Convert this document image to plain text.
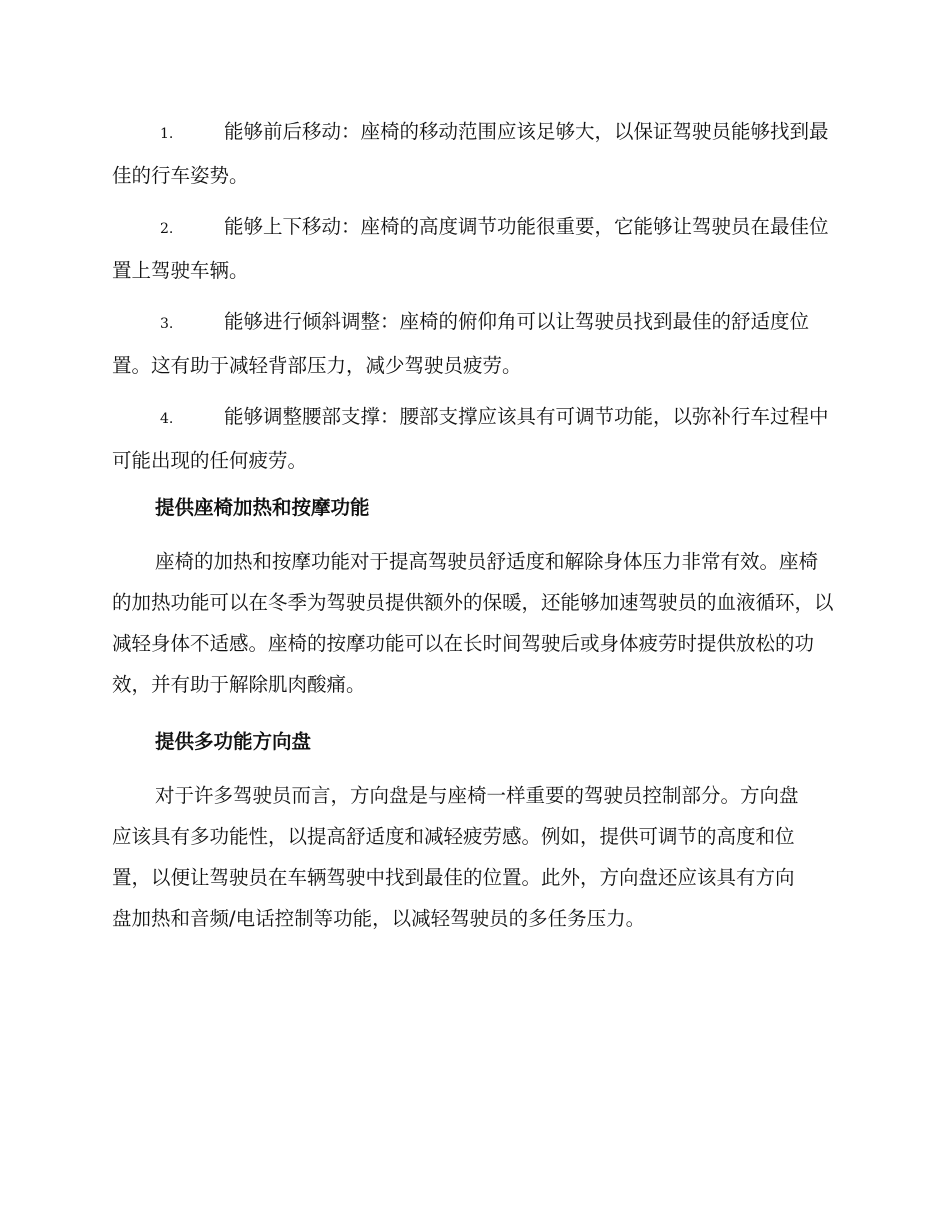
1.	能够前后移动：座椅的移动范围应该足够大，以保证驾驶员能够找到最佳的行车姿势。

2.	能够上下移动：座椅的高度调节功能很重要，它能够让驾驶员在最佳位置上驾驶车辆。

3.	能够进行倾斜调整：座椅的俯仰角可以让驾驶员找到最佳的舒适度位置。这有助于减轻背部压力，减少驾驶员疲劳。

4.	能够调整腰部支撑：腰部支撑应该具有可调节功能，以弥补行车过程中可能出现的任何疲劳。

提供座椅加热和按摩功能

座椅的加热和按摩功能对于提高驾驶员舒适度和解除身体压力非常有效。座椅的加热功能可以在冬季为驾驶员提供额外的保暖，还能够加速驾驶员的血液循环，以减轻身体不适感。座椅的按摩功能可以在长时间驾驶后或身体疲劳时提供放松的功效，并有助于解除肌肉酸痛。

提供多功能方向盘

对于许多驾驶员而言，方向盘是与座椅一样重要的驾驶员控制部分。方向盘应该具有多功能性，以提高舒适度和减轻疲劳感。例如，提供可调节的高度和位置，以便让驾驶员在车辆驾驶中找到最佳的位置。此外，方向盘还应该具有方向盘加热和音频/电话控制等功能，以减轻驾驶员的多任务压力。
